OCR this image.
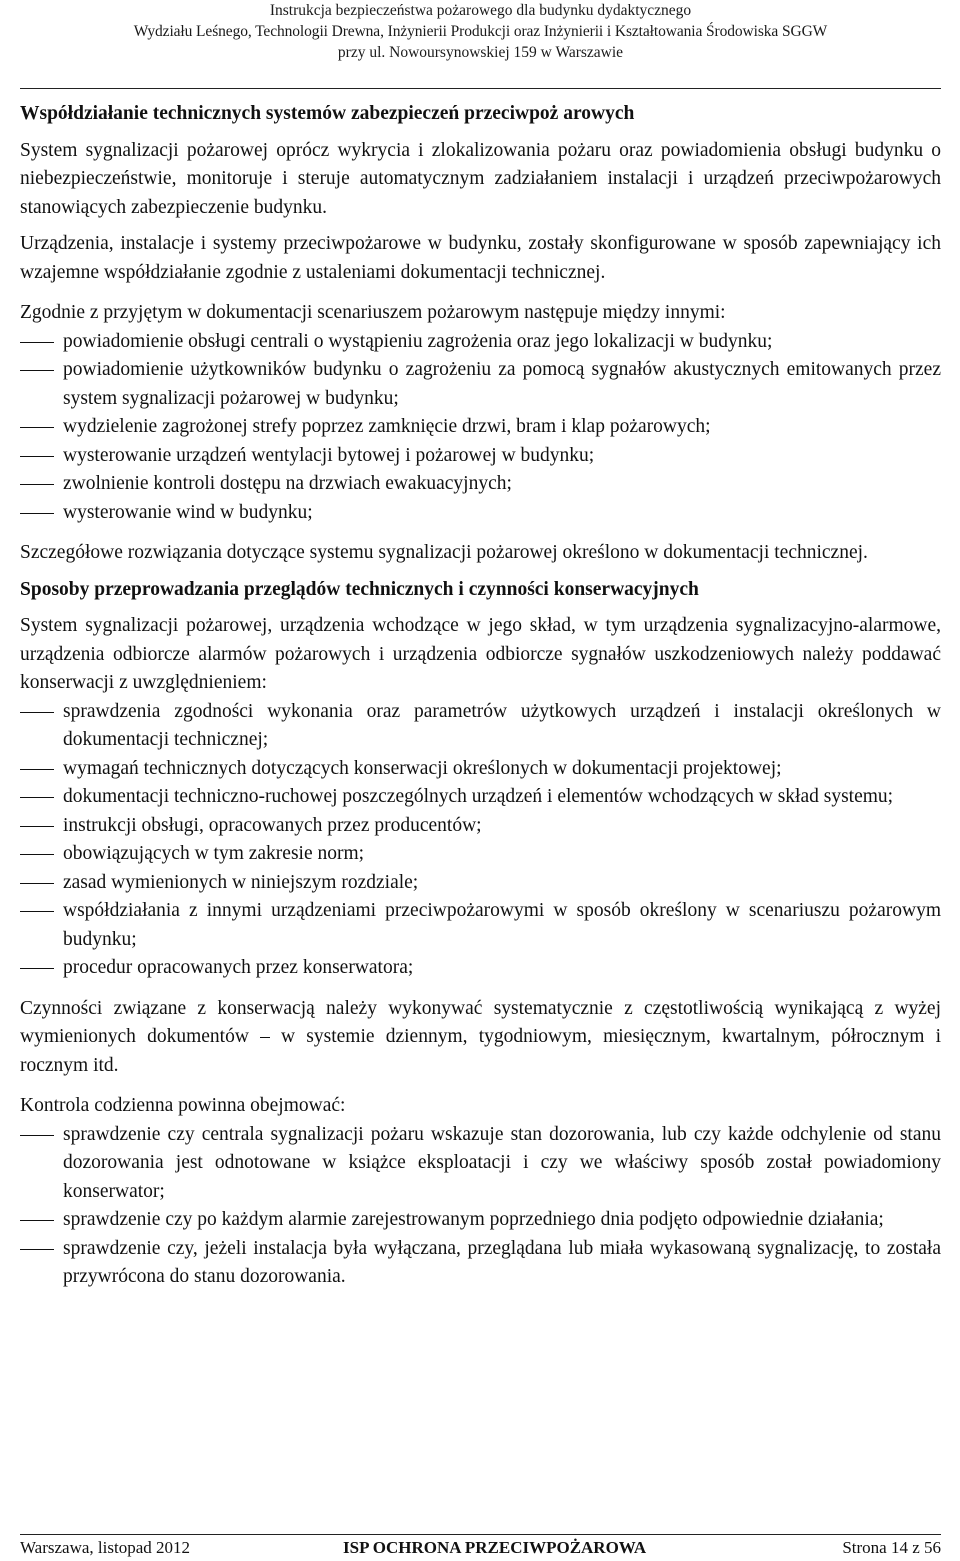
Instrukcja bezpieczeństwa pożarowego dla budynku dydaktycznego
Wydziału Leśnego, Technologii Drewna, Inżynierii Produkcji oraz Inżynierii i Kształtowania Środowiska SGGW
przy ul. Nowoursynowskiej 159 w Warszawie
Współdziałanie technicznych systemów zabezpieczeń przeciwpoż arowych

System sygnalizacji pożarowej oprócz wykrycia i zlokalizowania pożaru oraz powiadomienia obsługi budynku o niebezpieczeństwie, monitoruje i steruje automatycznym zadziałaniem instalacji i urządzeń przeciwpożarowych stanowiących zabezpieczenie budynku.

Urządzenia, instalacje i systemy przeciwpożarowe w budynku, zostały skonfigurowane w sposób zapewniający ich wzajemne współdziałanie zgodnie z ustaleniami dokumentacji technicznej.

Zgodnie z przyjętym w dokumentacji scenariuszem pożarowym następuje między innymi:

powiadomienie obsługi centrali o wystąpieniu zagrożenia oraz jego lokalizacji w budynku;
powiadomienie użytkowników budynku o zagrożeniu za pomocą sygnałów akustycznych emitowanych przez system sygnalizacji pożarowej w budynku;
wydzielenie zagrożonej strefy poprzez zamknięcie drzwi, bram i klap pożarowych;
wysterowanie urządzeń wentylacji bytowej i pożarowej w budynku;
zwolnienie kontroli dostępu na drzwiach ewakuacyjnych;
wysterowanie wind w budynku;

Szczegółowe rozwiązania dotyczące systemu sygnalizacji pożarowej określono w dokumentacji technicznej.

Sposoby przeprowadzania przeglądów technicznych i czynności konserwacyjnych

System sygnalizacji pożarowej, urządzenia wchodzące w jego skład, w tym urządzenia sygnalizacyjno-alarmowe, urządzenia odbiorcze alarmów pożarowych i urządzenia odbiorcze sygnałów uszkodzeniowych należy poddawać konserwacji z uwzględnieniem:

sprawdzenia zgodności wykonania oraz parametrów użytkowych urządzeń i instalacji określonych w dokumentacji technicznej;
wymagań technicznych dotyczących konserwacji określonych w dokumentacji projektowej;
dokumentacji techniczno-ruchowej poszczególnych urządzeń i elementów wchodzących w skład systemu;
instrukcji obsługi, opracowanych przez producentów;
obowiązujących w tym zakresie norm;
zasad wymienionych w niniejszym rozdziale;
współdziałania z innymi urządzeniami przeciwpożarowymi w sposób określony w scenariuszu pożarowym budynku;
procedur opracowanych przez konserwatora;

Czynności związane z konserwacją należy wykonywać systematycznie z częstotliwością wynikającą z wyżej wymienionych dokumentów – w systemie dziennym, tygodniowym, miesięcznym, kwartalnym, półrocznym i rocznym itd.

Kontrola codzienna powinna obejmować:

sprawdzenie czy centrala sygnalizacji pożaru wskazuje stan dozorowania, lub czy każde odchylenie od stanu dozorowania jest odnotowane w książce eksploatacji i czy we właściwy sposób został powiadomiony konserwator;
sprawdzenie czy po każdym alarmie zarejestrowanym poprzedniego dnia podjęto odpowiednie działania;
sprawdzenie czy, jeżeli instalacja była wyłączana, przeglądana lub miała wykasowaną sygnalizację, to została przywrócona do stanu dozorowania.
Warszawa, listopad 2012	ISP OCHRONA PRZECIWPOŻAROWA	Strona 14 z 56
